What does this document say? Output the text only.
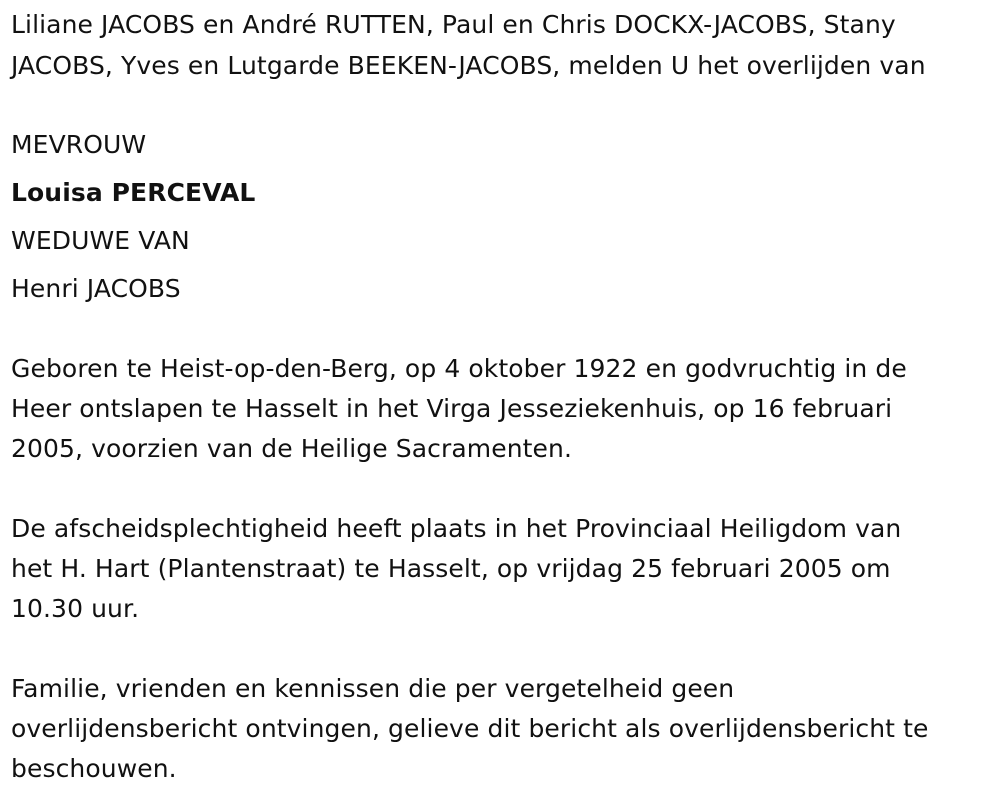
Liliane JACOBS en André RUTTEN, Paul en Chris DOCKX-JACOBS, Stany
JACOBS, Yves en Lutgarde BEEKEN-JACOBS, melden U het overlijden van
MEVROUW
Louisa PERCEVAL
WEDUWE VAN
Henri JACOBS
Geboren te Heist-op-den-Berg, op 4 oktober 1922 en godvruchtig in de
Heer ontslapen te Hasselt in het Virga Jesseziekenhuis, op 16 februari
2005, voorzien van de Heilige Sacramenten.
De afscheidsplechtigheid heeft plaats in het Provinciaal Heiligdom van
het H. Hart (Plantenstraat) te Hasselt, op vrijdag 25 februari 2005 om
10.30 uur.
Familie, vrienden en kennissen die per vergetelheid geen
overlijdensbericht ontvingen, gelieve dit bericht als overlijdensbericht te
beschouwen.
